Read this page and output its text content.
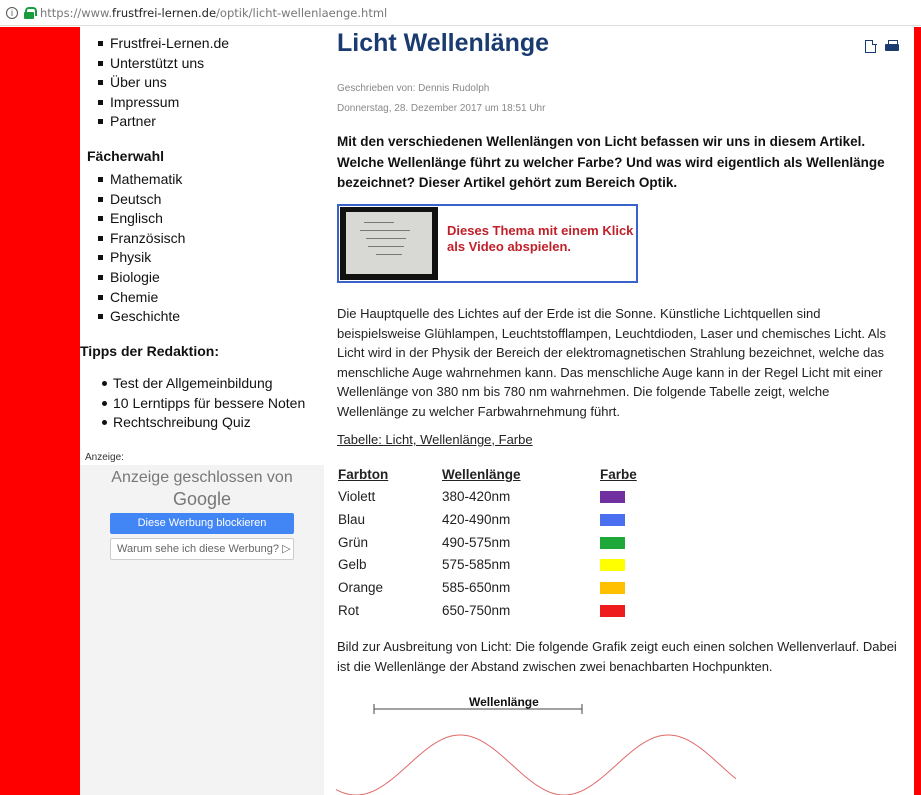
i	https://www.frustfrei-lernen.de/optik/licht-wellenlaenge.html
Frustfrei-Lernen.de
Unterstützt uns
Über uns
Impressum
Partner
Fächerwahl
Mathematik
Deutsch
Englisch
Französisch
Physik
Biologie
Chemie
Geschichte
Tipps der Redaktion:
Test der Allgemeinbildung
10 Lerntipps für bessere Noten
Rechtschreibung Quiz
Anzeige:
Anzeige geschlossen von
Google
Diese Werbung blockieren
Warum sehe ich diese Werbung? ▷
Licht Wellenlänge
Geschrieben von: Dennis Rudolph
Donnerstag, 28. Dezember 2017 um 18:51 Uhr
Mit den verschiedenen Wellenlängen von Licht befassen wir uns in diesem Artikel. Welche Wellenlänge führt zu welcher Farbe? Und was wird eigentlich als Wellenlänge bezeichnet? Dieser Artikel gehört zum Bereich Optik.
Dieses Thema mit einem Klick
als Video abspielen.
Die Hauptquelle des Lichtes auf der Erde ist die Sonne. Künstliche Lichtquellen sind beispielsweise Glühlampen, Leuchtstofflampen, Leuchtdioden, Laser und chemisches Licht. Als Licht wird in der Physik der Bereich der elektromagnetischen Strahlung bezeichnet, welche das menschliche Auge wahrnehmen kann. Das menschliche Auge kann in der Regel Licht mit einer Wellenlänge von 380 nm bis 780 nm wahrnehmen. Die folgende Tabelle zeigt, welche Wellenlänge zu welcher Farbwahrnehmung führt.
Tabelle: Licht, Wellenlänge, Farbe
Farbton	Wellenlänge	Farbe
Violett	380-420nm
Blau	420-490nm
Grün	490-575nm
Gelb	575-585nm
Orange	585-650nm
Rot	650-750nm
Bild zur Ausbreitung von Licht: Die folgende Grafik zeigt euch einen solchen Wellenverlauf. Dabei ist die Wellenlänge der Abstand zwischen zwei benachbarten Hochpunkten.
Wellenlänge
